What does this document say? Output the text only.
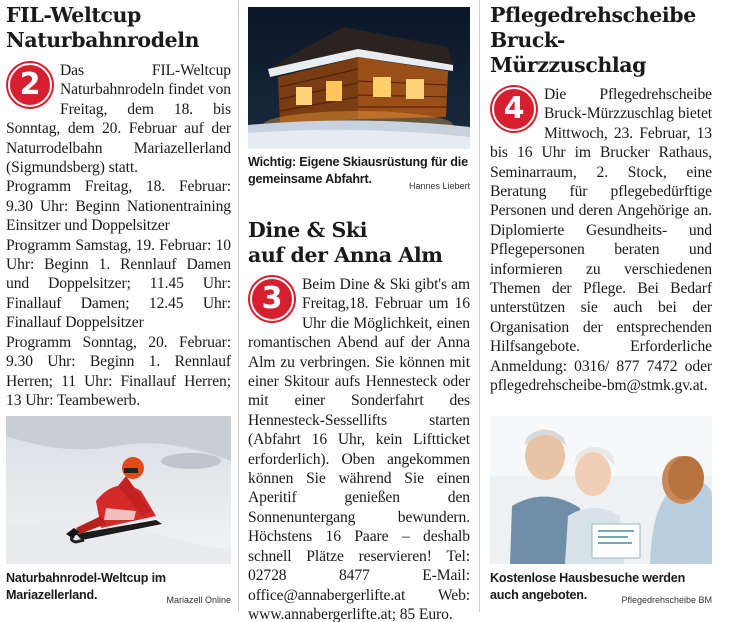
FIL-Weltcup
Naturbahnrodeln
2	Das FIL-Weltcup Naturbahnrodeln findet von Freitag, dem 18. bis Sonntag, dem 20. Februar auf der Naturrodelbahn Mariazellerland (Sigmundsberg) statt.

Programm Freitag, 18. Februar: 9.30 Uhr: Beginn Nationentraining Einsitzer und Doppelsitzer

Programm Samstag, 19. Februar: 10 Uhr: Beginn 1. Rennlauf Damen und Doppelsitzer; 11.45 Uhr: Finallauf Damen; 12.45 Uhr: Finallauf Doppelsitzer

Programm Sonntag, 20. Februar: 9.30 Uhr: Beginn 1. Rennlauf Herren; 11 Uhr: Finallauf Herren; 13 Uhr: Teambewerb.

Naturbahnrodel-Weltcup im Mariazellerland.	Mariazell Online
Wichtig: Eigene Skiausrüstung für die gemeinsame Abfahrt.	Hannes Liebert
Dine & Ski
auf der Anna Alm
3	Beim Dine & Ski gibt's am Freitag,18. Februar um 16 Uhr die Möglichkeit, einen romantischen Abend auf der Anna Alm zu verbringen. Sie können mit einer Skitour aufs Hennesteck oder mit einer Sonderfahrt des Hennesteck-Sessellifts starten (Abfahrt 16 Uhr, kein Liftticket erforderlich). Oben angekommen können Sie während Sie einen Aperitif genießen den Sonnenuntergang bewundern. Höchstens 16 Paare – deshalb schnell Plätze reservieren! Tel: 02728 8477 E-Mail: office@annabergerlifte.at Web: www.annabergerlifte.at; 85 Euro.

Pflegedrehscheibe
Bruck-Mürzzuschlag
4	Die Pflegedrehscheibe Bruck-Mürzzuschlag bietet Mittwoch, 23. Februar, 13 bis 16 Uhr im Brucker Rathaus, Seminarraum, 2. Stock, eine Beratung für pflegebedürftige Personen und deren Angehörige an. Diplomierte Gesundheits- und Pflegepersonen beraten und informieren zu verschiedenen Themen der Pflege. Bei Bedarf unterstützen sie auch bei der Organisation der entsprechenden Hilfsangebote. Erforderliche Anmeldung: 0316/ 877 7472 oder pflegedrehscheibe-bm@stmk.gv.at.

Kostenlose Hausbesuche werden auch angeboten.	Pflegedrehscheibe BM
